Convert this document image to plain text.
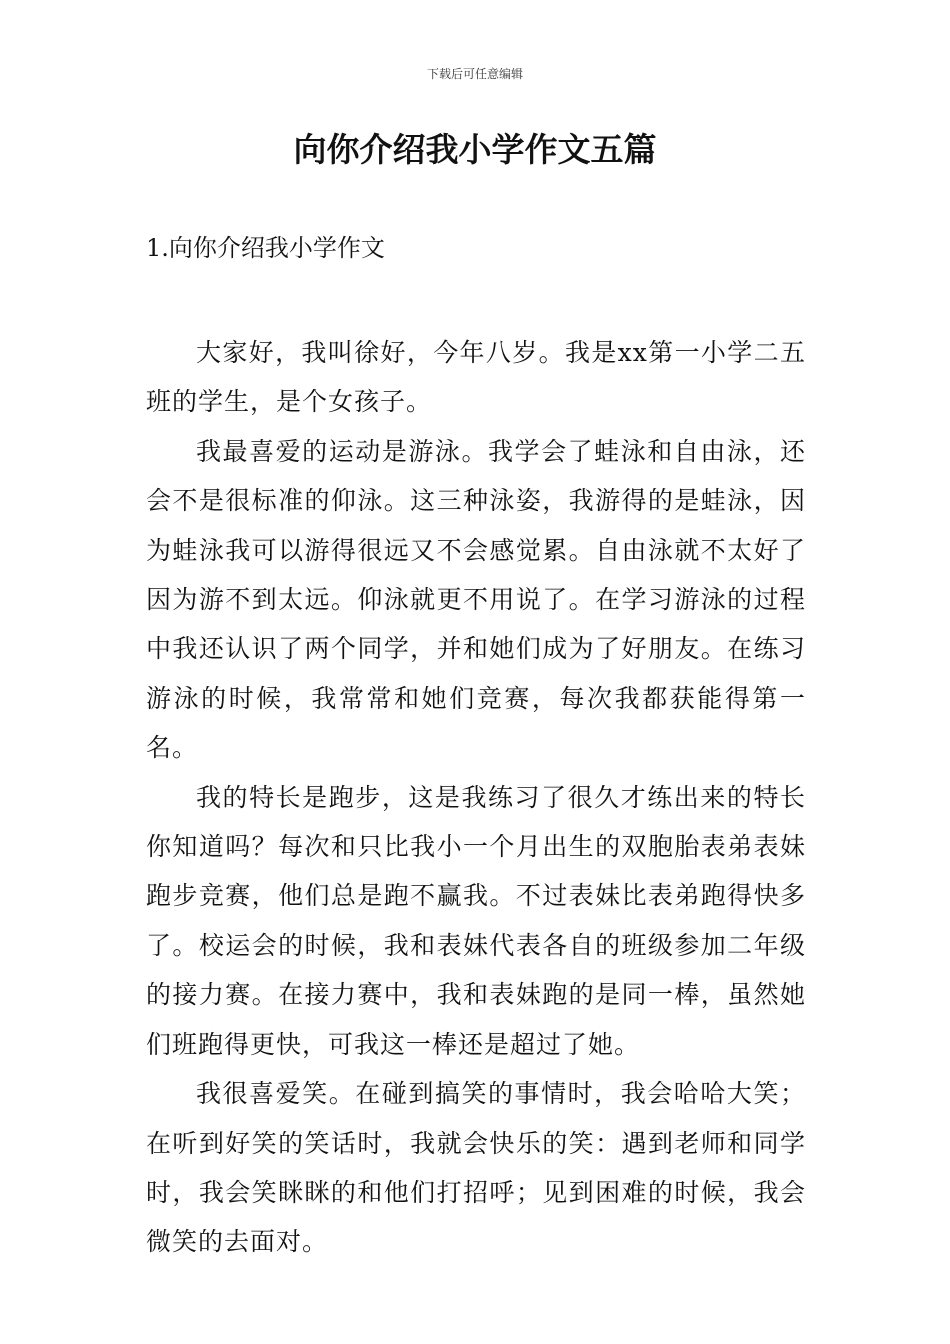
下载后可任意编辑
向你介绍我小学作文五篇
1.向你介绍我小学作文

大家好，我叫徐好，今年八岁。我是xx第一小学二五班的学生，是个女孩子。

我最喜爱的运动是游泳。我学会了蛙泳和自由泳，还会不是很标准的仰泳。这三种泳姿，我游得的是蛙泳，因为蛙泳我可以游得很远又不会感觉累。自由泳就不太好了因为游不到太远。仰泳就更不用说了。在学习游泳的过程中我还认识了两个同学，并和她们成为了好朋友。在练习游泳的时候，我常常和她们竞赛，每次我都获能得第一名。

我的特长是跑步，这是我练习了很久才练出来的特长你知道吗？每次和只比我小一个月出生的双胞胎表弟表妹跑步竞赛，他们总是跑不赢我。不过表妹比表弟跑得快多了。校运会的时候，我和表妹代表各自的班级参加二年级的接力赛。在接力赛中，我和表妹跑的是同一棒，虽然她们班跑得更快，可我这一棒还是超过了她。

我很喜爱笑。在碰到搞笑的事情时，我会哈哈大笑；在听到好笑的笑话时，我就会快乐的笑：遇到老师和同学时，我会笑眯眯的和他们打招呼；见到困难的时候，我会微笑的去面对。
